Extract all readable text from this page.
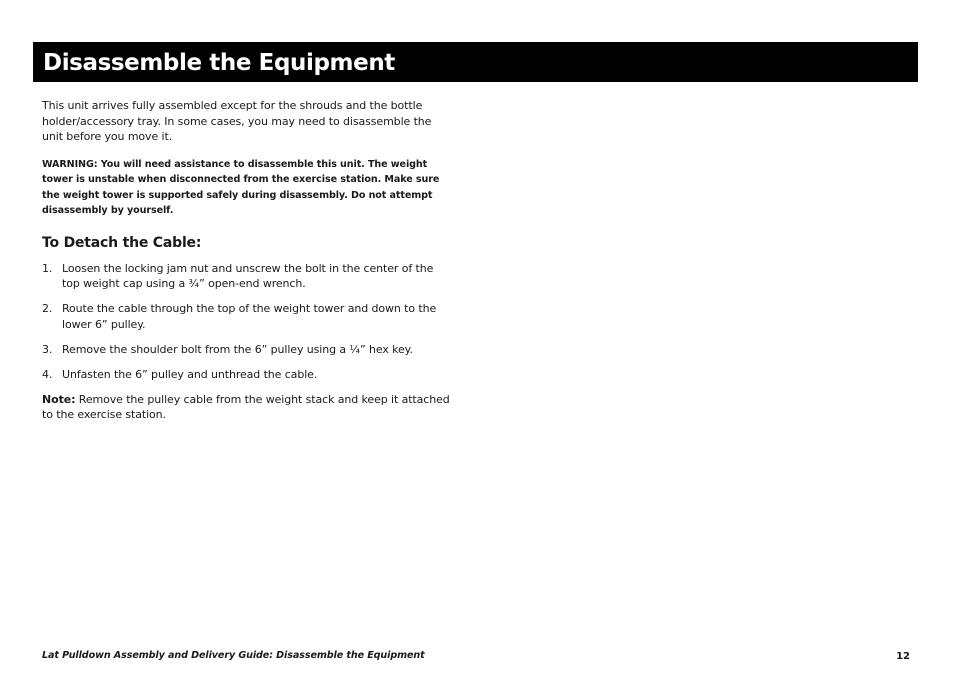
Disassemble the Equipment

This unit arrives fully assembled except for the shrouds and the bottle holder/accessory tray. In some cases, you may need to disassemble the unit before you move it.

WARNING: You will need assistance to disassemble this unit. The weight tower is unstable when disconnected from the exercise station. Make sure the weight tower is supported safely during disassembly. Do not attempt disassembly by yourself.

To Detach the Cable:
1. Loosen the locking jam nut and unscrew the bolt in the center of the top weight cap using a ¾” open-end wrench.
2. Route the cable through the top of the weight tower and down to the lower 6” pulley.
3. Remove the shoulder bolt from the 6” pulley using a ¼” hex key.
4. Unfasten the 6” pulley and unthread the cable.

Note: Remove the pulley cable from the weight stack and keep it attached to the exercise station.

Lat Pulldown Assembly and Delivery Guide: Disassemble the Equipment	12
